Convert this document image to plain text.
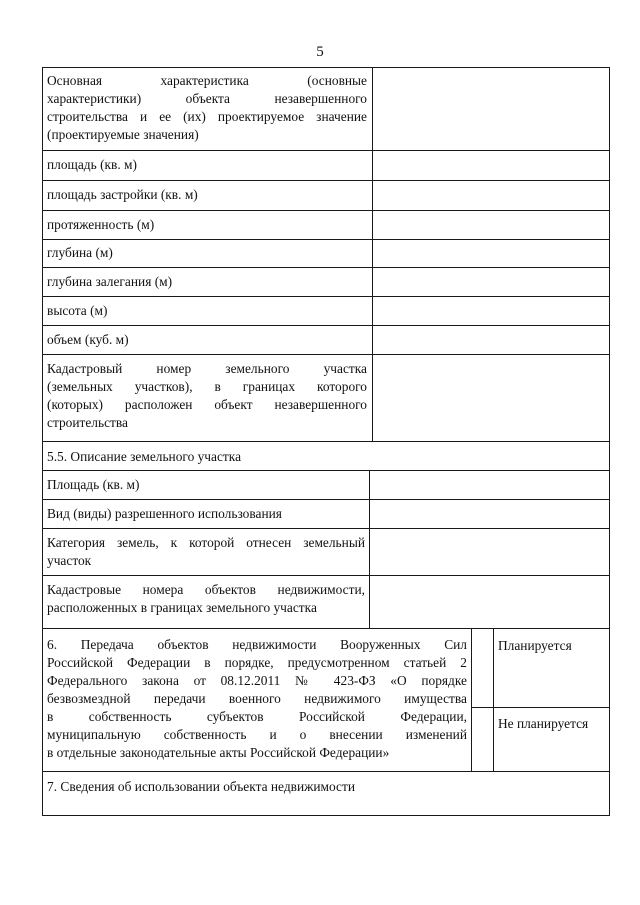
5
Основная характеристика (основные
характеристики) объекта незавершенного
строительства и ее (их) проектируемое значение
(проектируемые значения)
площадь (кв. м)
площадь застройки (кв. м)
протяженность (м)
глубина (м)
глубина залегания (м)
высота (м)
объем (куб. м)
Кадастровый номер земельного участка
(земельных участков), в границах которого
(которых) расположен объект незавершенного
строительства
5.5. Описание земельного участка
Площадь (кв. м)
Вид (виды) разрешенного использования
Категория земель, к которой отнесен земельный
участок
Кадастровые номера объектов недвижимости,
расположенных в границах земельного участка
6. Передача объектов недвижимости Вооруженных Сил
Российской Федерации в порядке, предусмотренном статьей 2
Федерального закона от 08.12.2011 № 423-ФЗ «О порядке
безвозмездной передачи военного недвижимого имущества
в собственность субъектов Российской Федерации,
муниципальную собственность и о внесении изменений
в отдельные законодательные акты Российской Федерации»
Планируется
Не планируется
7. Сведения об использовании объекта недвижимости
